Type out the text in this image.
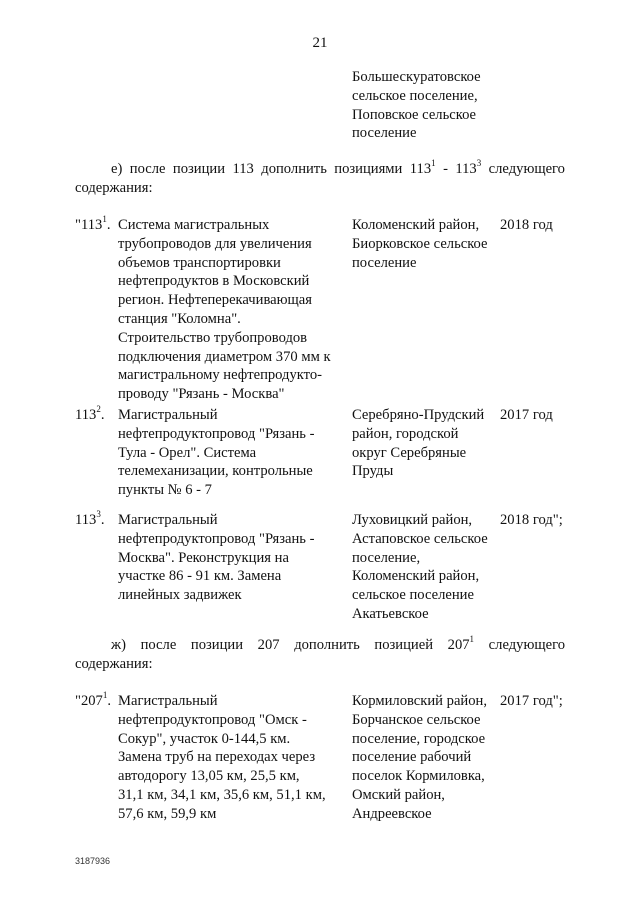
21
Большескуратовское
сельское поселение,
Поповское сельское
поселение
е) после позиции 113 дополнить позициями $113^1 - 113^3$ следующего содержания:
"$113^1$. Система магистральных
трубопроводов для увеличения
объемов транспортировки
нефтепродуктов в Московский
регион. Нефтеперекачивающая
станция "Коломна".
Строительство трубопроводов
подключения диаметром 370 мм к
магистральному нефтепродукто-
проводу "Рязань - Москва"
Коломенский район,
Биорковское сельское
поселение
2018 год
$113^2$. Магистральный
нефтепродуктопровод "Рязань -
Тула - Орел". Система
телемеханизации, контрольные
пункты № 6 - 7
Серебряно-Прудский
район, городской
округ Серебряные
Пруды
2017 год
$113^3$. Магистральный
нефтепродуктопровод "Рязань -
Москва". Реконструкция на
участке 86 - 91 км. Замена
линейных задвижек
Луховицкий район,
Астаповское сельское
поселение,
Коломенский район,
сельское поселение
Акатьевское
2018 год";
ж) после позиции 207 дополнить позицией $207^1$ следующего содержания:
"$207^1$. Магистральный
нефтепродуктопровод "Омск -
Сокур", участок 0-144,5 км.
Замена труб на переходах через
автодорогу 13,05 км, 25,5 км,
31,1 км, 34,1 км, 35,6 км, 51,1 км,
57,6 км, 59,9 км
Кормиловский район,
Борчанское сельское
поселение, городское
поселение рабочий
поселок Кормиловка,
Омский район,
Андреевское
2017 год";
3187936
